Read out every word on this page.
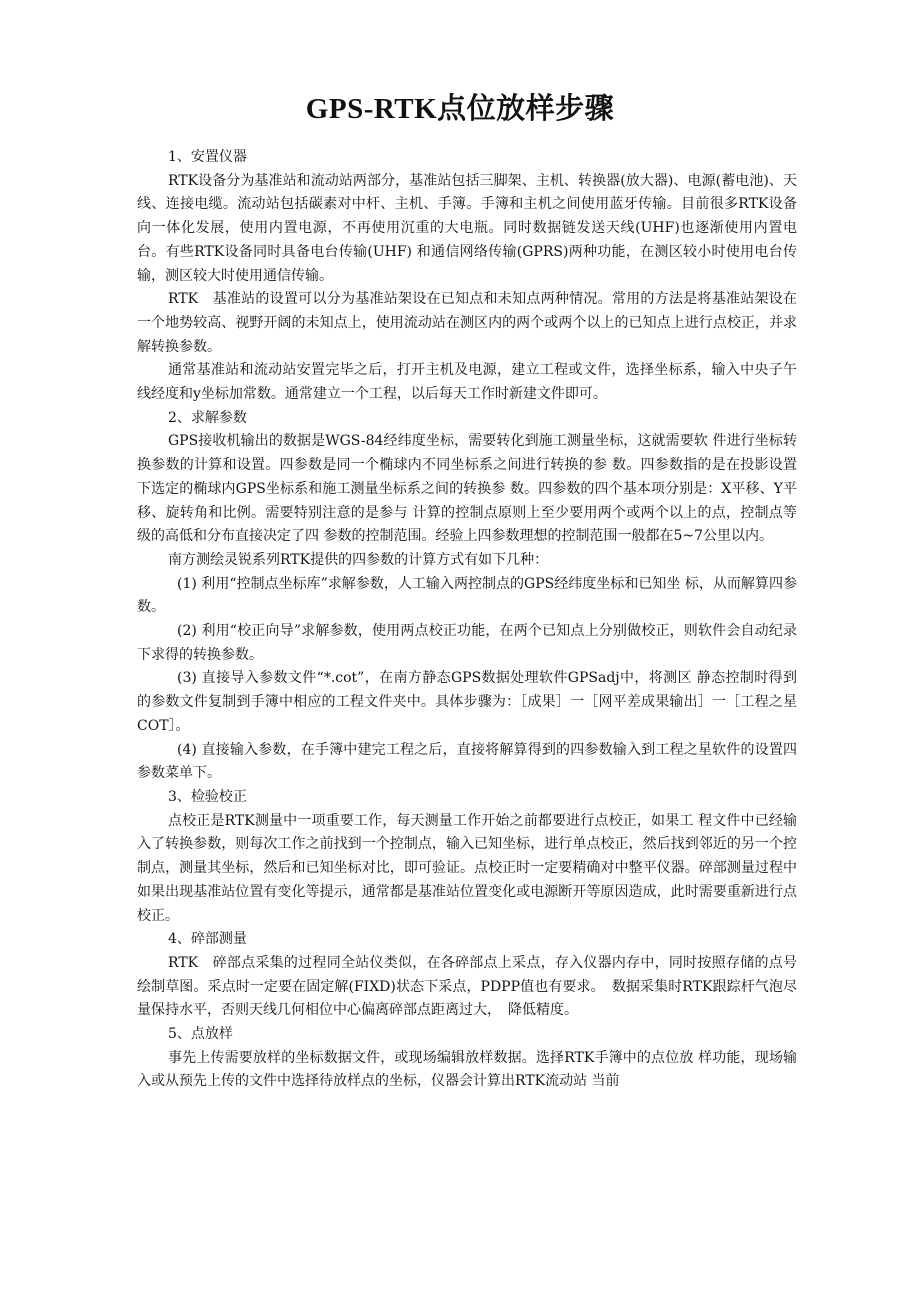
GPS-RTK点位放样步骤

1、安置仪器

RTK设备分为基准站和流动站两部分，基准站包括三脚架、主机、转换器(放大器)、电源(蓄电池)、天线、连接电缆。流动站包括碳素对中杆、主机、手簿。手簿和主机之间使用蓝牙传输。目前很多RTK设备向一体化发展，使用内置电源，不再使用沉重的大电瓶。同时数据链发送天线(UHF)也逐渐使用内置电台。有些RTK设备同时具备电台传输(UHF) 和通信网络传输(GPRS)两种功能，在测区较小时使用电台传输，测区较大时使用通信传输。

RTK　基准站的设置可以分为基准站架设在已知点和未知点两种情况。常用的方法是将基准站架设在一个地势较高、视野开阔的未知点上，使用流动站在测区内的两个或两个以上的已知点上进行点校正，并求解转换参数。

通常基准站和流动站安置完毕之后，打开主机及电源，建立工程或文件，选择坐标系，输入中央子午线经度和y坐标加常数。通常建立一个工程，以后每天工作时新建文件即可。

2、求解参数

GPS接收机输出的数据是WGS-84经纬度坐标，需要转化到施工测量坐标，这就需要软 件进行坐标转换参数的计算和设置。四参数是同一个椭球内不同坐标系之间进行转换的参 数。四参数指的是在投影设置下选定的椭球内GPS坐标系和施工测量坐标系之间的转换参 数。四参数的四个基本项分别是：X平移、Y平移、旋转角和比例。需要特别注意的是参与 计算的控制点原则上至少要用两个或两个以上的点，控制点等级的高低和分布直接决定了四 参数的控制范围。经验上四参数理想的控制范围一般都在5~7公里以内。

南方测绘灵锐系列RTK提供的四参数的计算方式有如下几种：

(1) 利用“控制点坐标库”求解参数，人工输入两控制点的GPS经纬度坐标和已知坐 标，从而解算四参数。

(2) 利用“校正向导”求解参数，使用两点校正功能，在两个已知点上分别做校正，则软件会自动纪录下求得的转换参数。

(3) 直接导入参数文件“*.cot”，在南方静态GPS数据处理软件GPSadj中，将测区 静态控制时得到的参数文件复制到手簿中相应的工程文件夹中。具体步骤为：［成果］一［网平差成果输出］一［工程之星COT］。

(4) 直接输入参数，在手簿中建完工程之后，直接将解算得到的四参数输入到工程之星软件的设置四参数菜单下。

3、检验校正

点校正是RTK测量中一项重要工作，每天测量工作开始之前都要进行点校正，如果工 程文件中已经输入了转换参数，则每次工作之前找到一个控制点，输入已知坐标，进行单点校正，然后找到邻近的另一个控制点，测量其坐标，然后和已知坐标对比，即可验证。点校正时一定要精确对中整平仪器。碎部测量过程中如果出现基准站位置有变化等提示，通常都是基准站位置变化或电源断开等原因造成，此时需要重新进行点校正。

4、碎部测量

RTK　碎部点采集的过程同全站仪类似，在各碎部点上采点，存入仪器内存中，同时按照存储的点号绘制草图。采点时一定要在固定解(FIXD)状态下采点，PDPP值也有要求。　数据采集时RTK跟踪杆气泡尽量保持水平，否则天线几何相位中心偏离碎部点距离过大，　降低精度。

5、点放样

事先上传需要放样的坐标数据文件，或现场编辑放样数据。选择RTK手簿中的点位放 样功能，现场输入或从预先上传的文件中选择待放样点的坐标，仪器会计算出RTK流动站 当前
